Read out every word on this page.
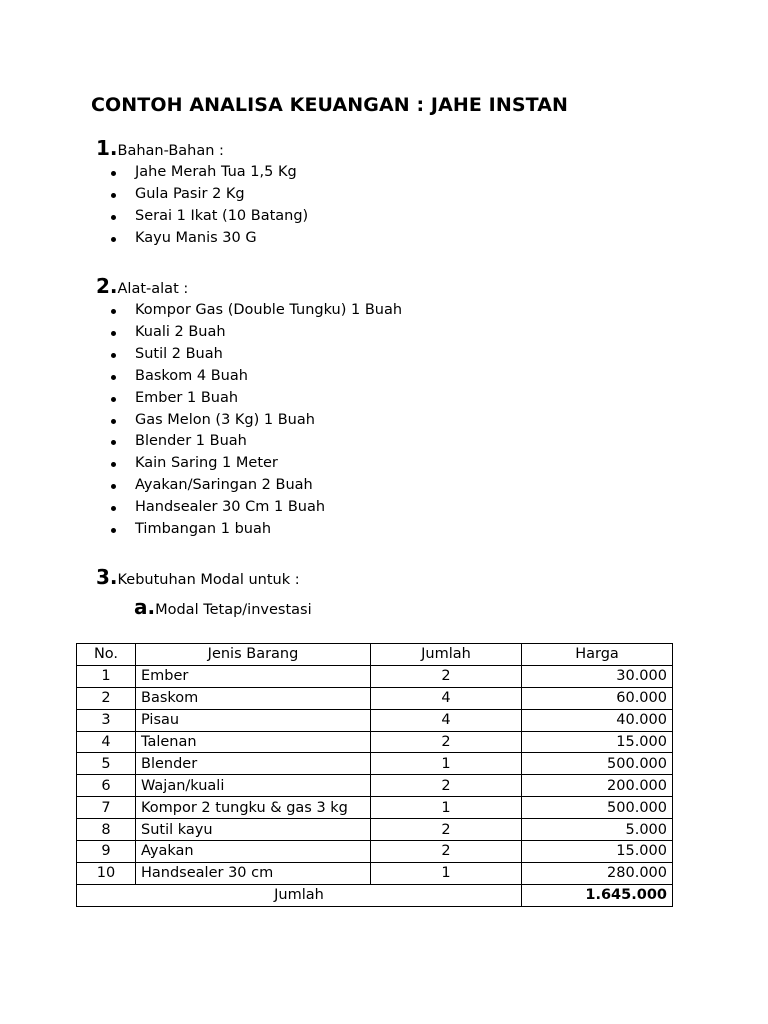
CONTOH ANALISA KEUANGAN : JAHE INSTAN
1.Bahan-Bahan :
Jahe Merah Tua 1,5 Kg
Gula Pasir 2 Kg
Serai 1 Ikat (10 Batang)
Kayu Manis 30 G
2.Alat-alat :
Kompor Gas (Double Tungku) 1 Buah
Kuali 2 Buah
Sutil 2 Buah
Baskom 4 Buah
Ember 1 Buah
Gas Melon (3 Kg) 1 Buah
Blender 1 Buah
Kain Saring 1 Meter
Ayakan/Saringan 2 Buah
Handsealer 30 Cm 1 Buah
Timbangan 1 buah
3.Kebutuhan Modal untuk :
a.Modal Tetap/investasi
No.	Jenis Barang	Jumlah	Harga
1	Ember	2	30.000
2	Baskom	4	60.000
3	Pisau	4	40.000
4	Talenan	2	15.000
5	Blender	1	500.000
6	Wajan/kuali	2	200.000
7	Kompor 2 tungku & gas 3 kg	1	500.000
8	Sutil kayu	2	5.000
9	Ayakan	2	15.000
10	Handsealer 30 cm	1	280.000
Jumlah			1.645.000
